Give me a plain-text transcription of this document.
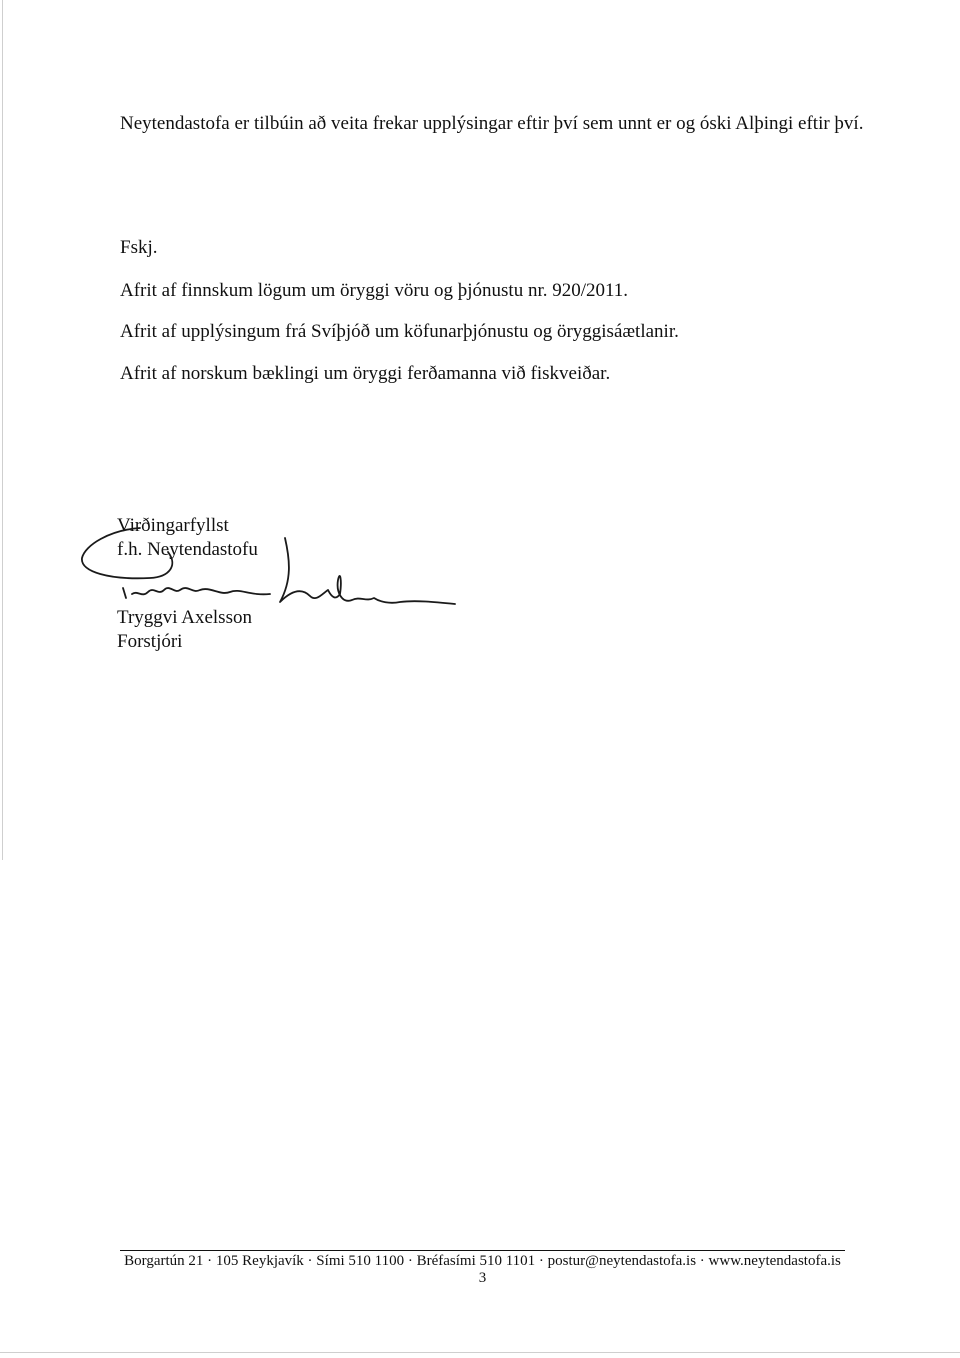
Neytendastofa er tilbúin að veita frekar upplýsingar eftir því sem unnt er og óski Alþingi eftir því.
Fskj.
Afrit af finnskum lögum um öryggi vöru og þjónustu nr. 920/2011.
Afrit af upplýsingum frá Svíþjóð um köfunarþjónustu og öryggisáætlanir.
Afrit af norskum bæklingi um öryggi ferðamanna við fiskveiðar.
Virðingarfyllst
f.h. Neytendastofu
Tryggvi Axelsson
Forstjóri
Borgartún 21 · 105 Reykjavík · Sími 510 1100 · Bréfasími 510 1101 · postur@neytendastofa.is · www.neytendastofa.is
3
